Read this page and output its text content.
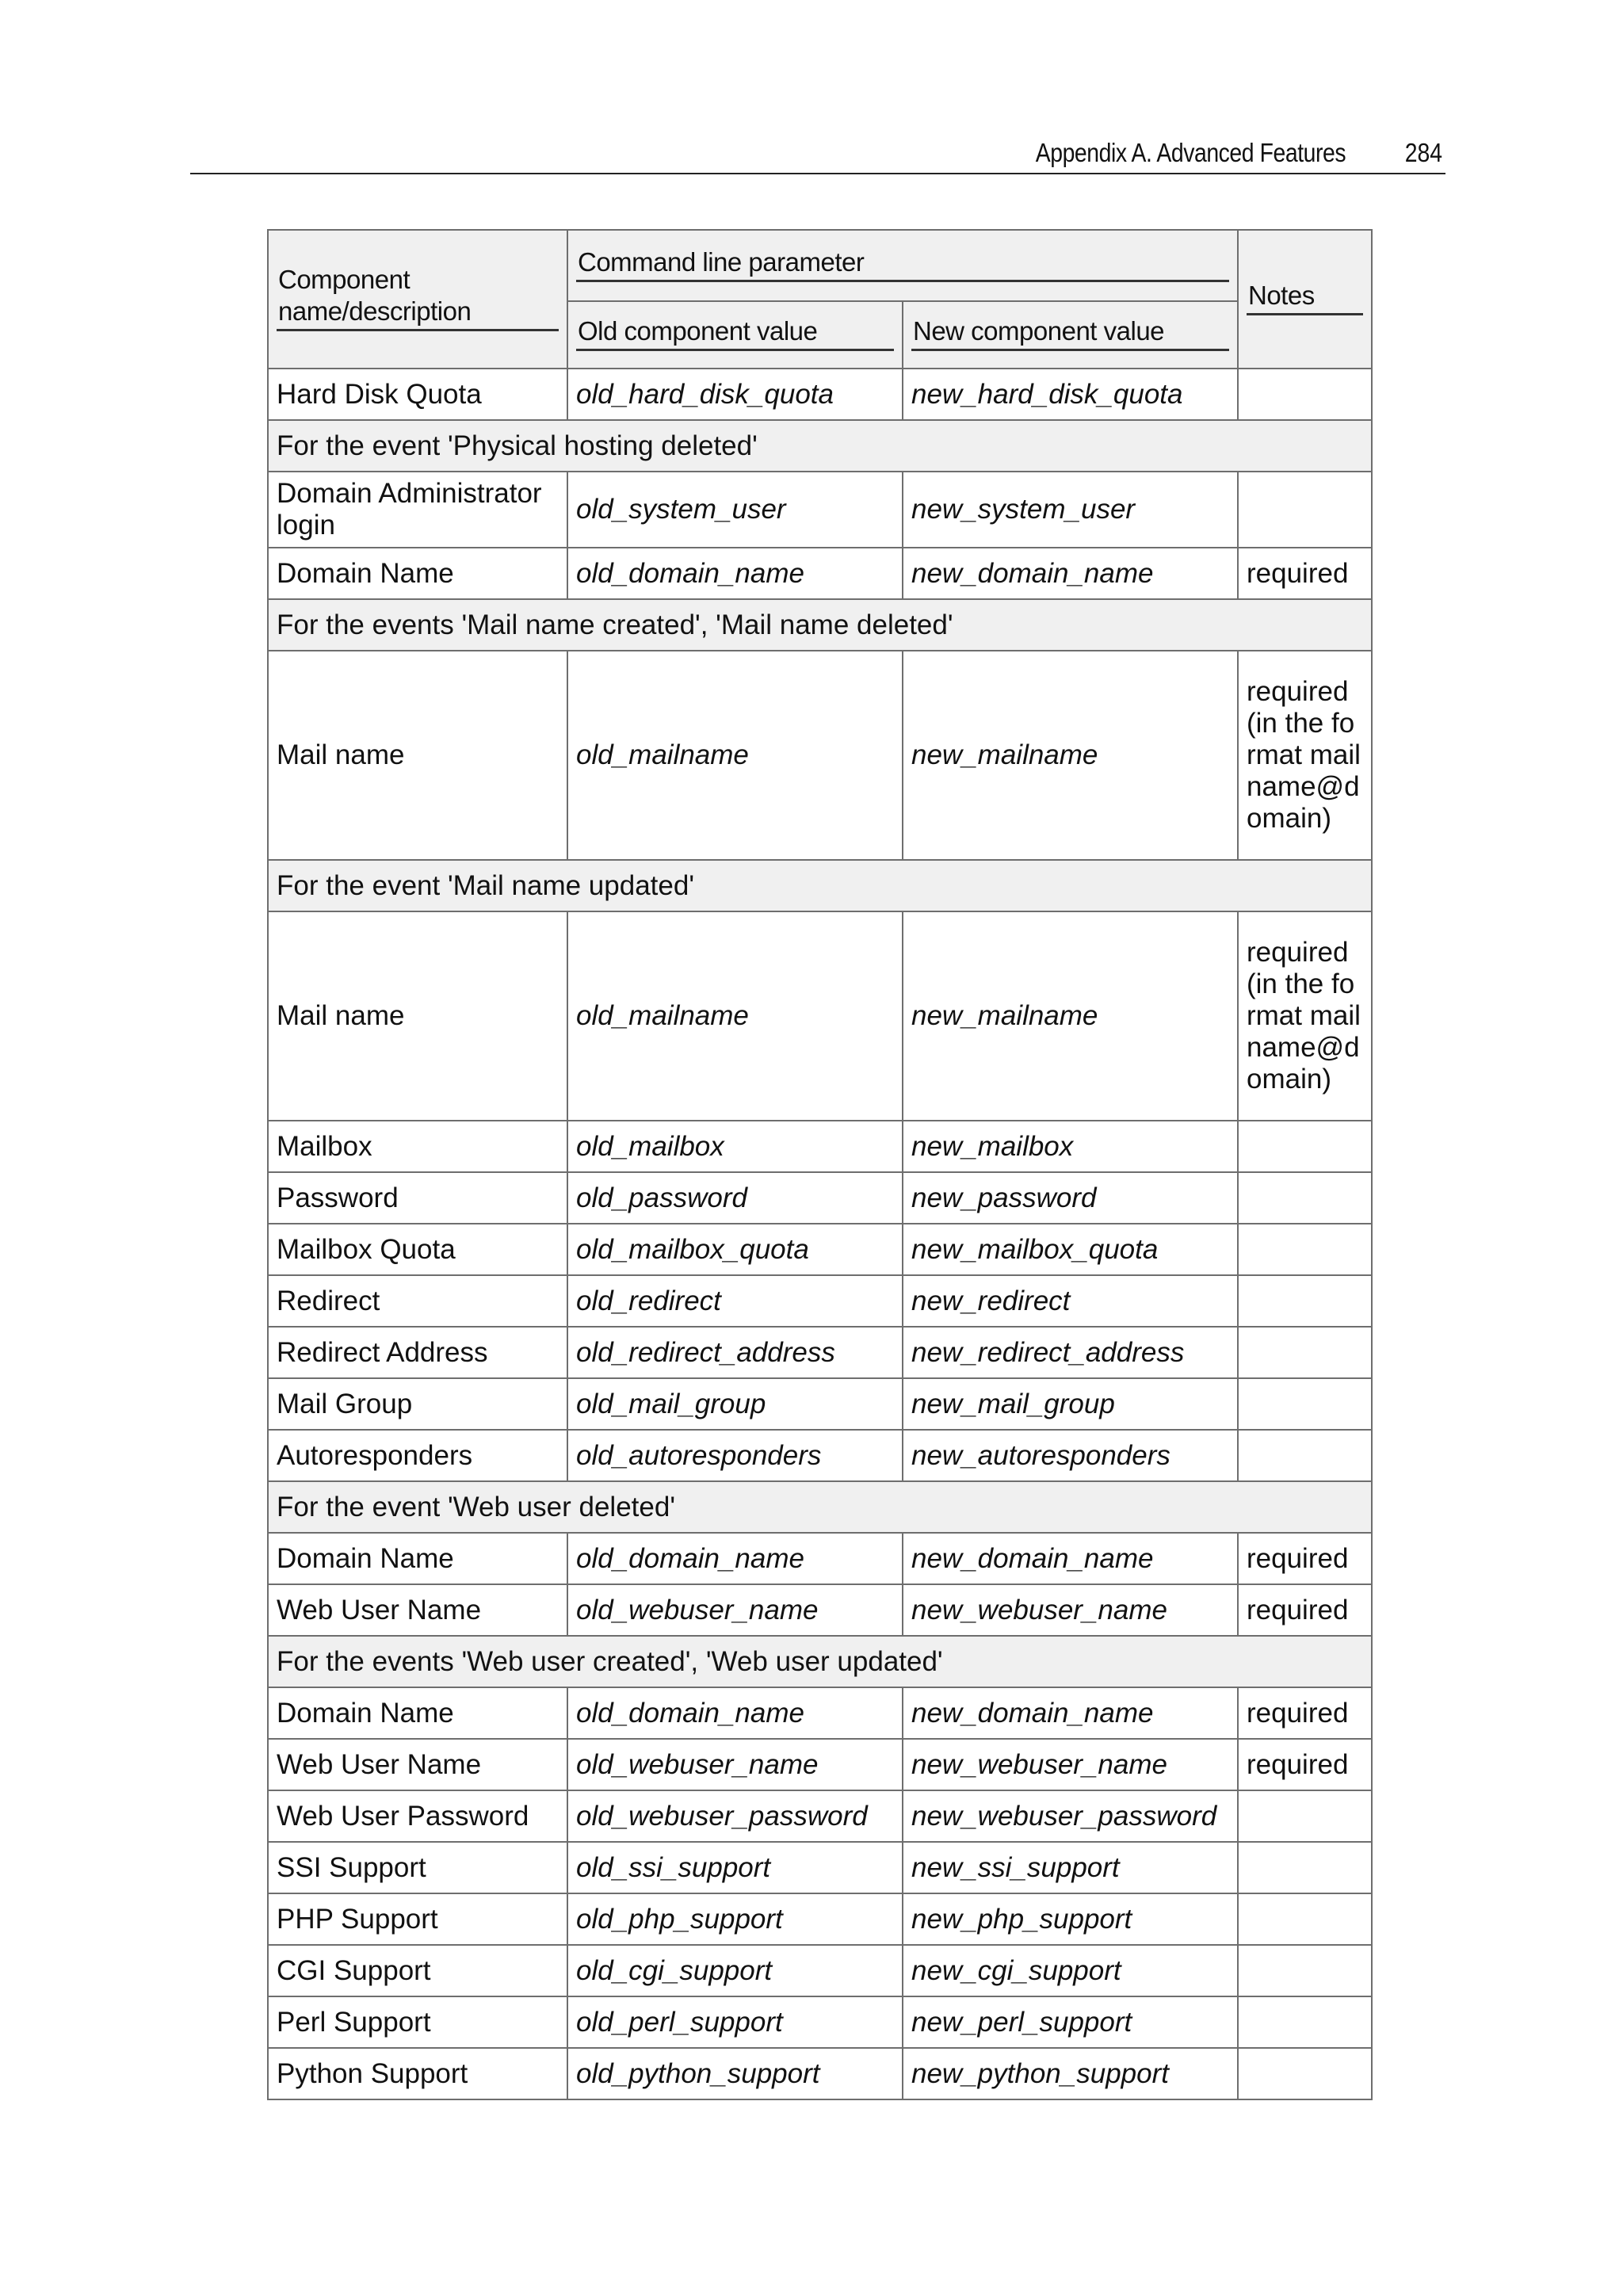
Appendix A. Advanced Features 284
Component name/description	Command line parameter		Notes

	Old component value	New component value	

Hard Disk Quota	old_hard_disk_quota	new_hard_disk_quota	
For the event 'Physical hosting deleted'			
Domain Administrator login	old_system_user	new_system_user	
Domain Name	old_domain_name	new_domain_name	required
For the events 'Mail name created', 'Mail name deleted'			
Mail name	old_mailname	new_mailname	required (in the format mailname@domain)
For the event 'Mail name updated'			
Mail name	old_mailname	new_mailname	required (in the format mailname@domain)
Mailbox	old_mailbox	new_mailbox	
Password	old_password	new_password	
Mailbox Quota	old_mailbox_quota	new_mailbox_quota	
Redirect	old_redirect	new_redirect	
Redirect Address	old_redirect_address	new_redirect_address	
Mail Group	old_mail_group	new_mail_group	
Autoresponders	old_autoresponders	new_autoresponders	
For the event 'Web user deleted'			
Domain Name	old_domain_name	new_domain_name	required
Web User Name	old_webuser_name	new_webuser_name	required
For the events 'Web user created', 'Web user updated'			
Domain Name	old_domain_name	new_domain_name	required
Web User Name	old_webuser_name	new_webuser_name	required
Web User Password	old_webuser_password	new_webuser_password	
SSI Support	old_ssi_support	new_ssi_support	
PHP Support	old_php_support	new_php_support	
CGI Support	old_cgi_support	new_cgi_support	
Perl Support	old_perl_support	new_perl_support	
Python Support	old_python_support	new_python_support	
